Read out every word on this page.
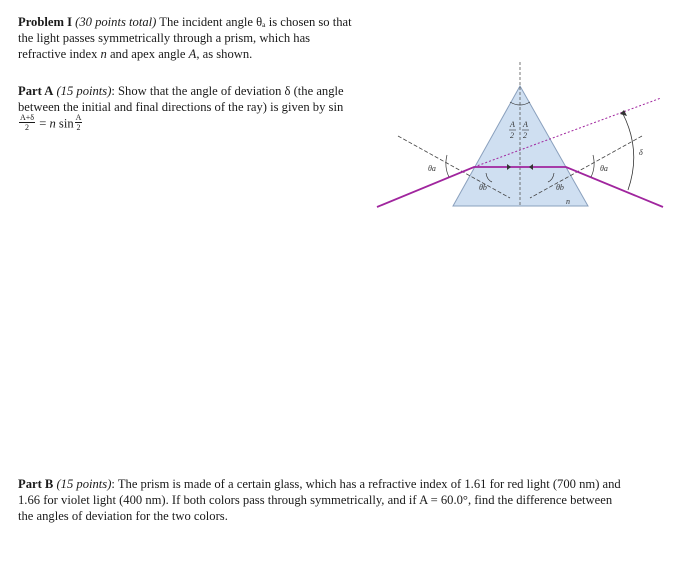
Problem I (30 points total) The incident angle θₐ is chosen so that the light passes symmetrically through a prism, which has refractive index n and apex angle A, as shown.

Part A (15 points): Show that the angle of deviation δ (the angle between the initial and final directions of the ray) is given by sin
$\frac{A+\delta}{2} = n$ $\sin \frac{A}{2}$

θa
θb	θb
θa
n
δ
A
2
A
2

Part B (15 points): The prism is made of a certain glass, which has a refractive index of 1.61 for red light (700 nm) and 1.66 for violet light (400 nm). If both colors pass through symmetrically, and if A = 60.0°, find the difference between the angles of deviation for the two colors.
